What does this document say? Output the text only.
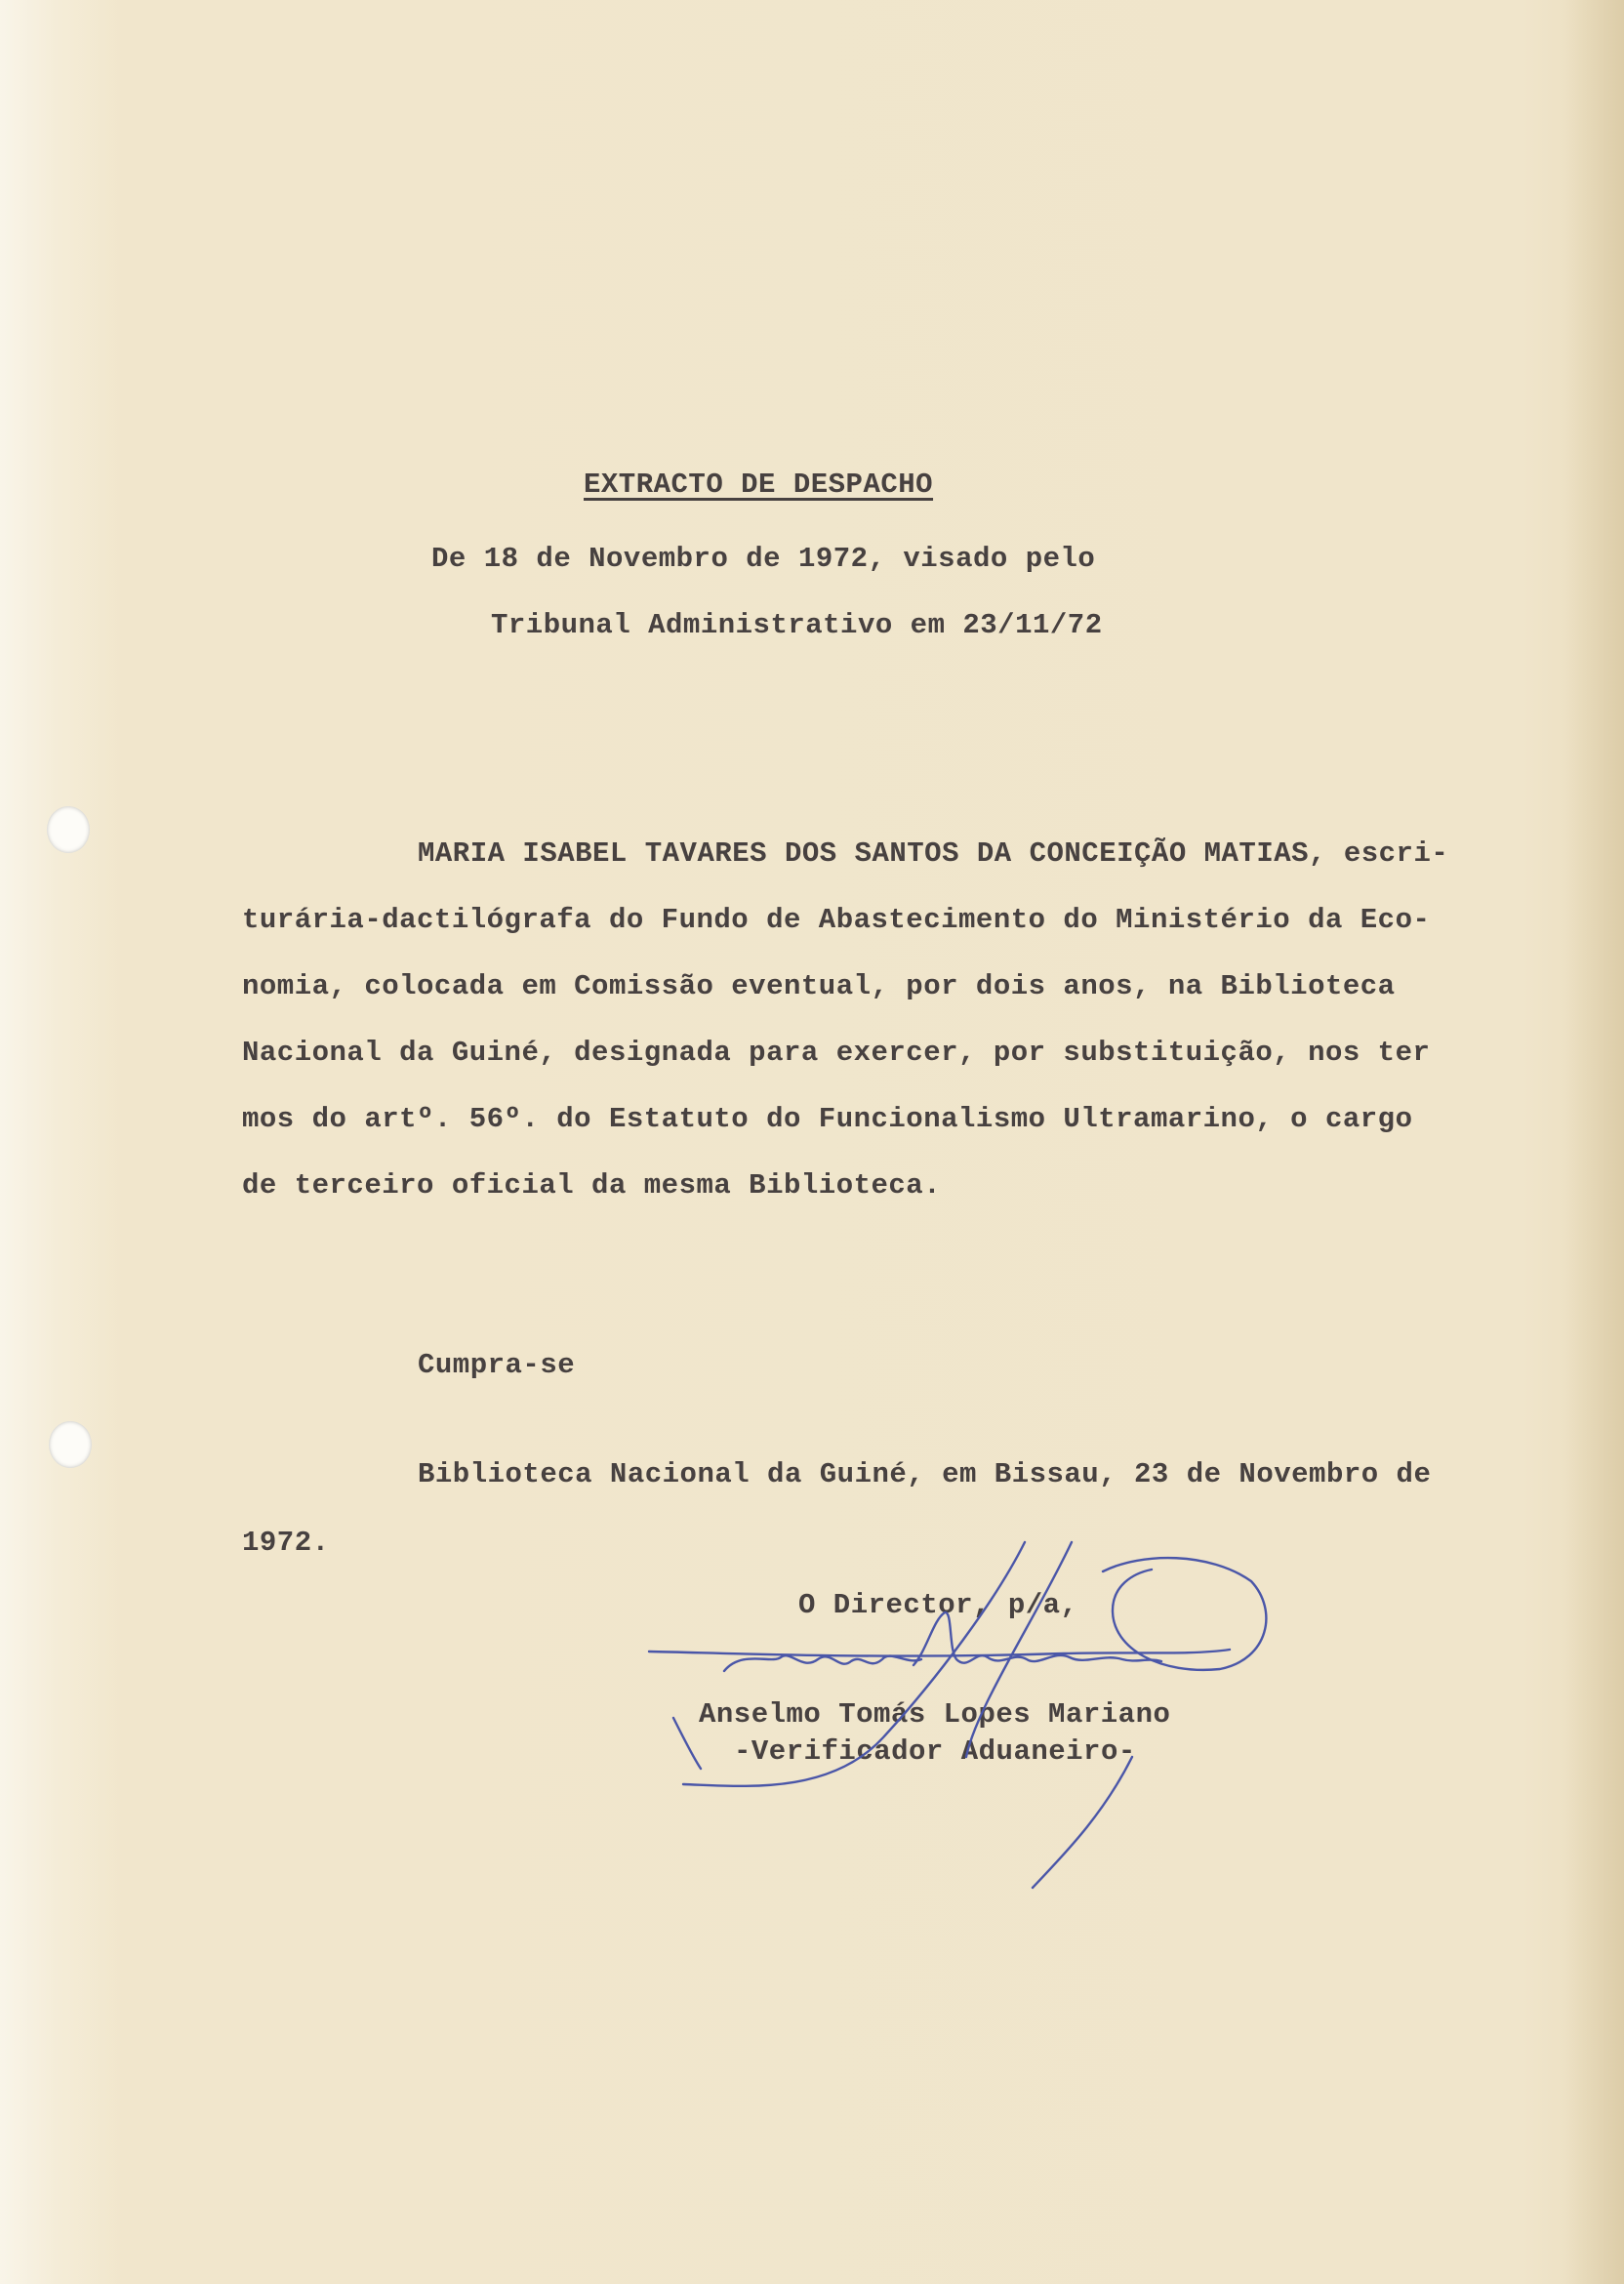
EXTRACTO DE DESPACHO
De 18 de Novembro de 1972, visado pelo
Tribunal Administrativo em 23/11/72
MARIA ISABEL TAVARES DOS SANTOS DA CONCEIÇÃO MATIAS, escri-
turária-dactilógrafa do Fundo de Abastecimento do Ministério da Eco-
nomia, colocada em Comissão eventual, por dois anos, na Biblioteca
Nacional da Guiné, designada para exercer, por substituição, nos ter
mos do artº. 56º. do Estatuto do Funcionalismo Ultramarino, o cargo
de terceiro oficial da mesma Biblioteca.
Cumpra-se
Biblioteca Nacional da Guiné, em Bissau, 23 de Novembro de
1972.
O Director, p/a,
Anselmo Tomás Lopes Mariano
-Verificador Aduaneiro-
